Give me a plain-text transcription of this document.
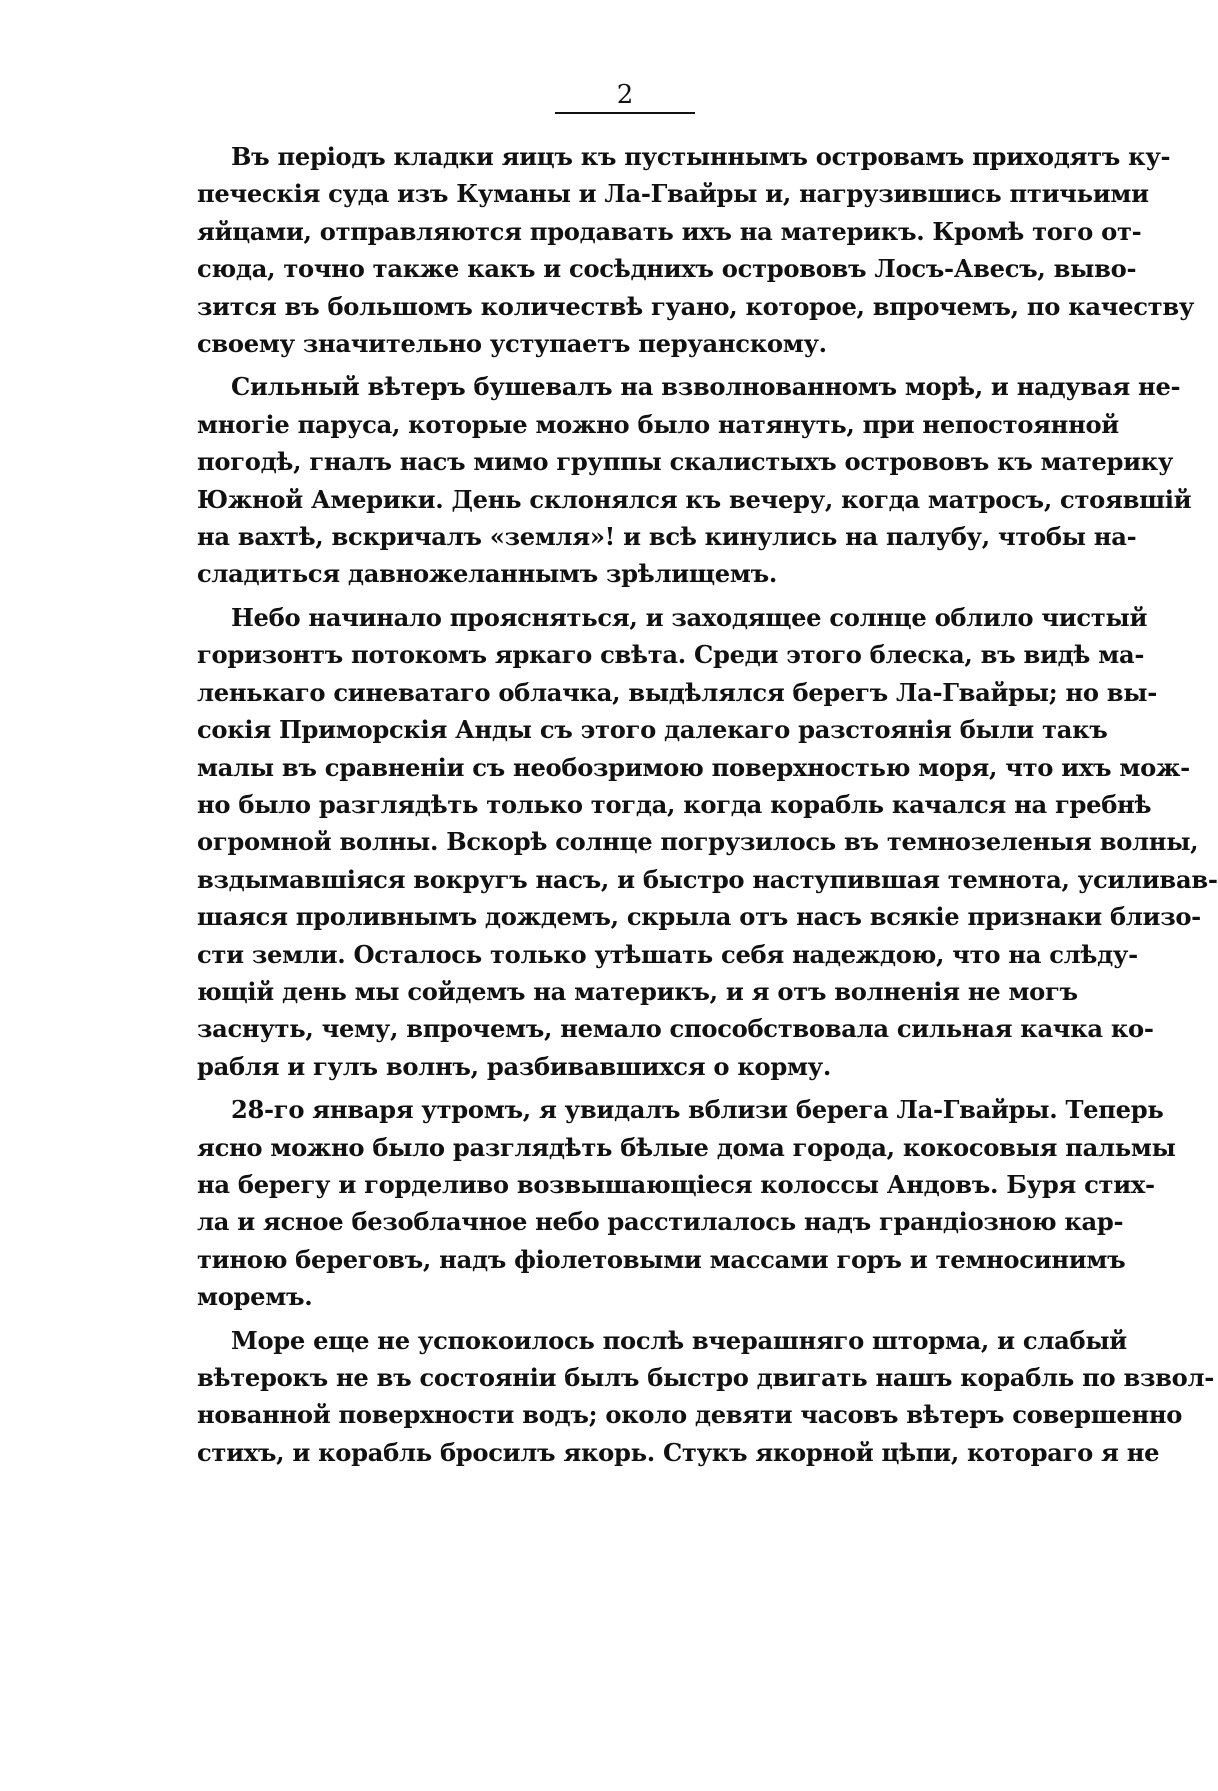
2

Въ перiодъ кладки яицъ къ пустыннымъ островамъ приходятъ ку-
печескія суда изъ Куманы и Ла-Гвайры и, нагрузившись птичьими
яйцами, отправляются продавать ихъ на материкъ. Кромѣ того от-
сюда, точно также какъ и сосѣднихъ острововъ Лосъ-Авесъ, выво-
зится въ большомъ количествѣ гуано, которое, впрочемъ, по качеству
своему значительно уступаетъ перуанскому.

Сильный вѣтеръ бушевалъ на взволнованномъ морѣ, и надувая не-
многіе паруса, которые можно было натянуть, при непостоянной
погодѣ, гналъ насъ мимо группы скалистыхъ острововъ къ материку
Южной Америки. День склонялся къ вечеру, когда матросъ, стоявшій
на вахтѣ, вскричалъ «земля»! и всѣ кинулись на палубу, чтобы на-
сладиться давножеланнымъ зрѣлищемъ.

Небо начинало проясняться, и заходящее солнце облило чистый
горизонтъ потокомъ яркаго свѣта. Среди этого блеска, въ видѣ ма-
ленькаго синеватаго облачка, выдѣлялся берегъ Ла-Гвайры; но вы-
сокія Приморскія Анды съ этого далекаго разстоянія были такъ
малы въ сравненіи съ необозримою поверхностью моря, что ихъ мож-
но было разглядѣть только тогда, когда корабль качался на гребнѣ
огромной волны. Вскорѣ солнце погрузилось въ темнозеленыя волны,
вздымавшіяся вокругъ насъ, и быстро наступившая темнота, усиливав-
шаяся проливнымъ дождемъ, скрыла отъ насъ всякіе признаки близо-
сти земли. Осталось только утѣшать себя надеждою, что на слѣду-
ющій день мы сойдемъ на материкъ, и я отъ волненія не могъ
заснуть, чему, впрочемъ, немало способствовала сильная качка ко-
рабля и гулъ волнъ, разбивавшихся о корму.

28-го января утромъ, я увидалъ вблизи берега Ла-Гвайры. Теперь
ясно можно было разглядѣть бѣлые дома города, кокосовыя пальмы
на берегу и горделиво возвышающіеся колоссы Андовъ. Буря стих-
ла и ясное безоблачное небо расстилалось надъ грандіозною кар-
тиною береговъ, надъ фіолетовыми массами горъ и темносинимъ
моремъ.

Море еще не успокоилось послѣ вчерашняго шторма, и слабый
вѣтерокъ не въ состояніи былъ быстро двигать нашъ корабль по взвол-
нованной поверхности водъ; около девяти часовъ вѣтеръ совершенно
стихъ, и корабль бросилъ якорь. Стукъ якорной цѣпи, котораго я не
